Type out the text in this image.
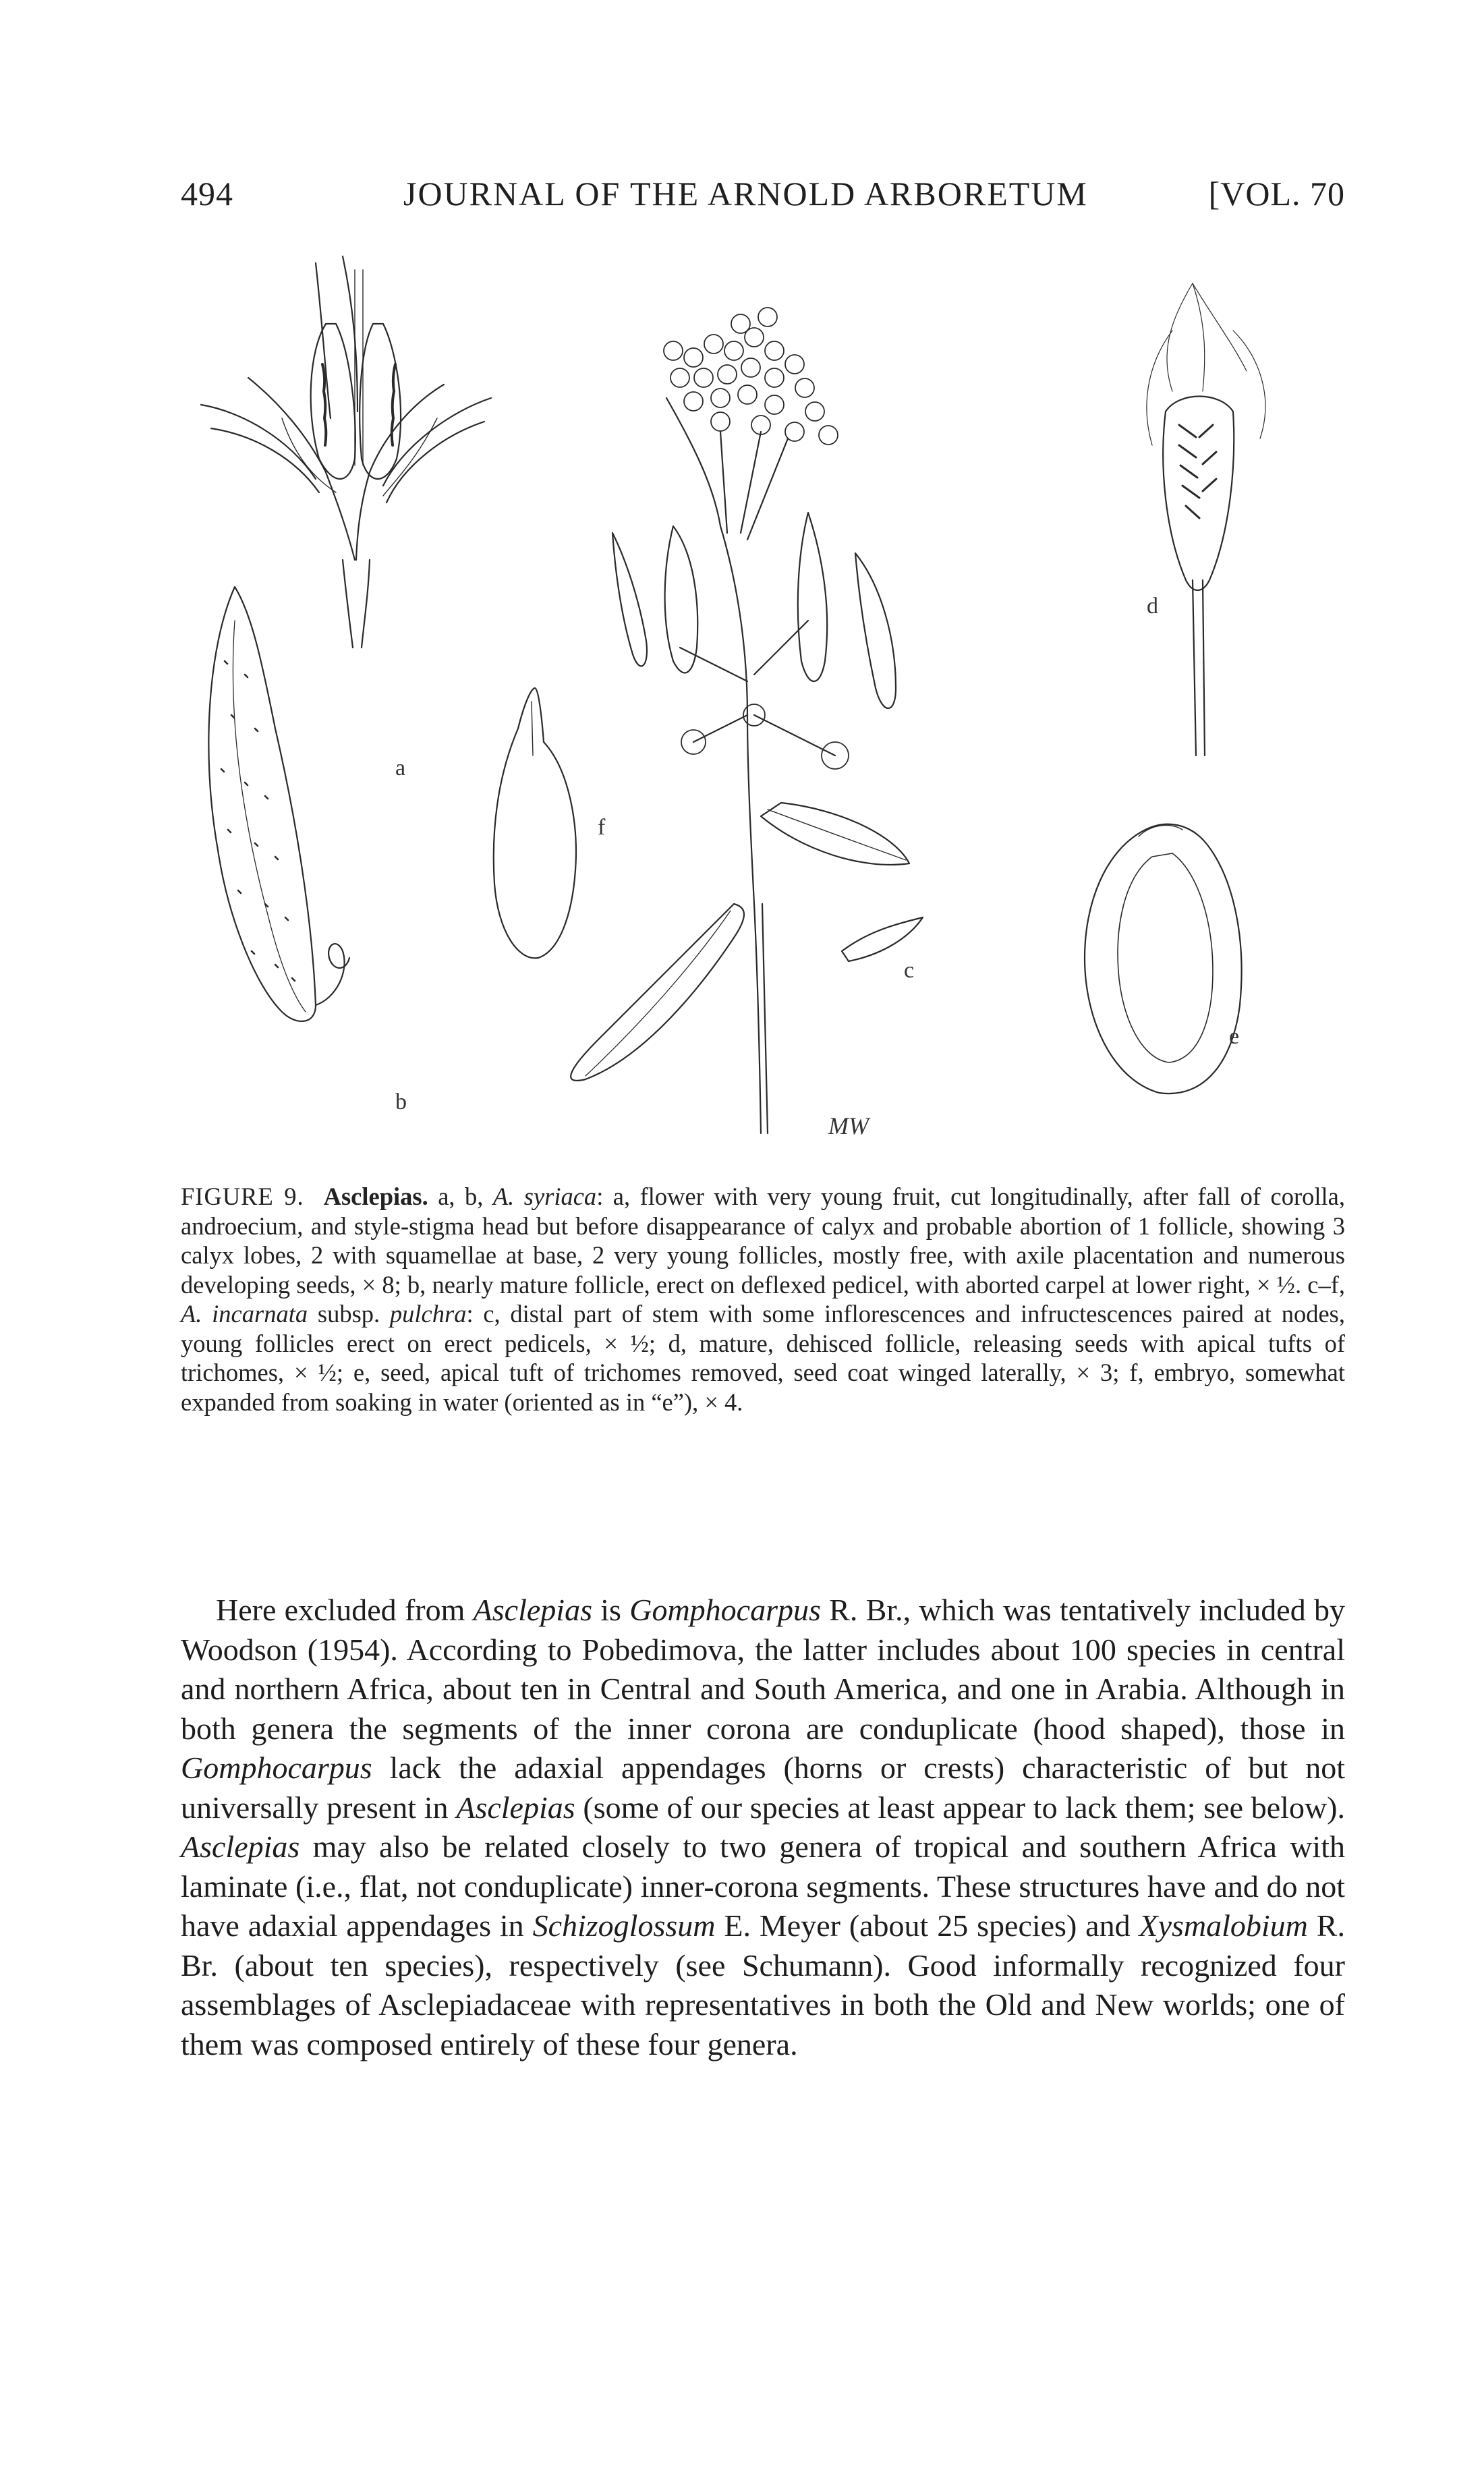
494	JOURNAL OF THE ARNOLD ARBORETUM	[VOL. 70
a
b
c
d
e
f
MW
FIGURE 9. Asclepias. a, b, A. syriaca: a, flower with very young fruit, cut longitudinally, after fall of corolla, androecium, and style-stigma head but before disappearance of calyx and probable abortion of 1 follicle, showing 3 calyx lobes, 2 with squamellae at base, 2 very young follicles, mostly free, with axile placentation and numerous developing seeds, × 8; b, nearly mature follicle, erect on deflexed pedicel, with aborted carpel at lower right, × ½. c–f, A. incarnata subsp. pulchra: c, distal part of stem with some inflorescences and infructescences paired at nodes, young follicles erect on erect pedicels, × ½; d, mature, dehisced follicle, releasing seeds with apical tufts of trichomes, × ½; e, seed, apical tuft of trichomes removed, seed coat winged laterally, × 3; f, embryo, somewhat expanded from soaking in water (oriented as in “e”), × 4.
Here excluded from Asclepias is Gomphocarpus R. Br., which was tentatively included by Woodson (1954). According to Pobedimova, the latter includes about 100 species in central and northern Africa, about ten in Central and South America, and one in Arabia. Although in both genera the segments of the inner corona are conduplicate (hood shaped), those in Gomphocarpus lack the adaxial appendages (horns or crests) characteristic of but not universally present in Asclepias (some of our species at least appear to lack them; see below). Asclepias may also be related closely to two genera of tropical and southern Africa with laminate (i.e., flat, not conduplicate) inner-corona segments. These structures have and do not have adaxial appendages in Schizoglossum E. Meyer (about 25 species) and Xysmalobium R. Br. (about ten species), respectively (see Schumann). Good informally recognized four assemblages of Asclepiadaceae with representatives in both the Old and New worlds; one of them was composed entirely of these four genera.
